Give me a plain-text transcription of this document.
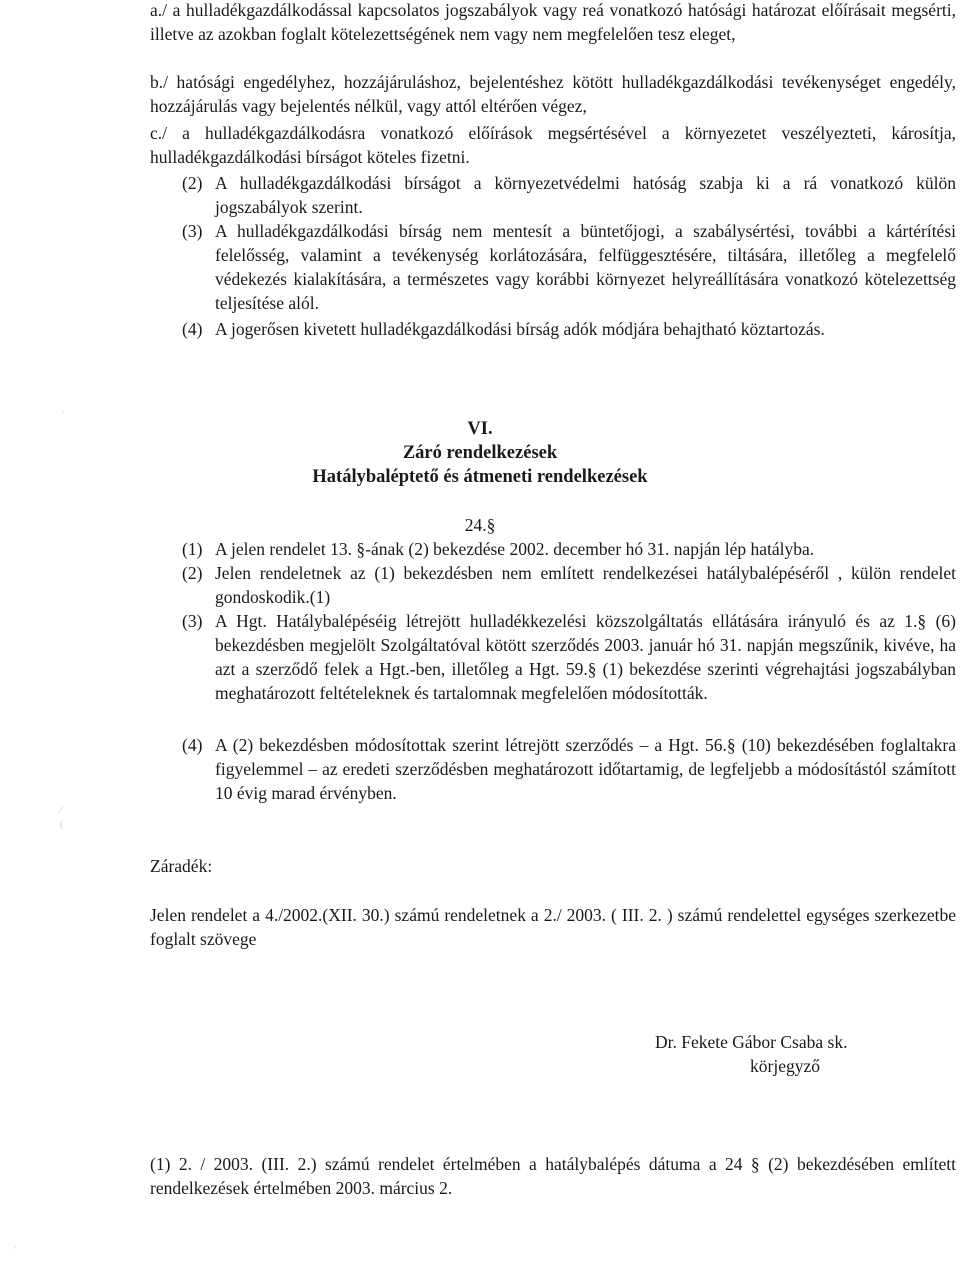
a./ a hulladékgazdálkodással kapcsolatos jogszabályok vagy reá vonatkozó hatósági határozat előírásait megsérti, illetve az azokban foglalt kötelezettségének nem vagy nem megfelelően tesz eleget,
b./ hatósági engedélyhez, hozzájáruláshoz, bejelentéshez kötött hulladékgazdálkodási tevékenységet engedély, hozzájárulás vagy bejelentés nélkül, vagy attól eltérően végez,
c./ a hulladékgazdálkodásra vonatkozó előírások megsértésével a környezetet veszélyezteti, károsítja, hulladékgazdálkodási bírságot köteles fizetni.
(2) A hulladékgazdálkodási bírságot a környezetvédelmi hatóság szabja ki a rá vonatkozó külön jogszabályok szerint.
(3) A hulladékgazdálkodási bírság nem mentesít a büntetőjogi, a szabálysértési, további a kártérítési felelősség, valamint a tevékenység korlátozására, felfüggesztésére, tiltására, illetőleg a megfelelő védekezés kialakítására, a természetes vagy korábbi környezet helyreállítására vonatkozó kötelezettség teljesítése alól.
(4) A jogerősen kivetett hulladékgazdálkodási bírság adók módjára behajtható köztartozás.
VI.
Záró rendelkezések
Hatálybaléptető és átmeneti rendelkezések
24.§
(1) A jelen rendelet 13. §-ának (2) bekezdése 2002. december hó 31. napján lép hatályba.
(2) Jelen rendeletnek az (1) bekezdésben nem említett rendelkezései hatálybalépéséről , külön rendelet gondoskodik.(1)
(3) A Hgt. Hatálybalépéséig létrejött hulladékkezelési közszolgáltatás ellátására irányuló és az 1.§ (6) bekezdésben megjelölt Szolgáltatóval kötött szerződés 2003. január hó 31. napján megszűnik, kivéve, ha azt a szerződő felek a Hgt.-ben, illetőleg a Hgt. 59.§ (1) bekezdése szerinti végrehajtási jogszabályban meghatározott feltételeknek és tartalomnak megfelelően módosították.
(4) A (2) bekezdésben módosítottak szerint létrejött szerződés – a Hgt. 56.§ (10) bekezdésében foglaltakra figyelemmel – az eredeti szerződésben meghatározott időtartamig, de legfeljebb a módosítástól számított 10 évig marad érvényben.
Záradék:
Jelen rendelet a 4./2002.(XII. 30.) számú rendeletnek a 2./ 2003. ( III. 2. ) számú rendelettel egységes szerkezetbe foglalt szövege
Dr. Fekete Gábor Csaba sk.
körjegyző
(1) 2. / 2003. (III. 2.) számú rendelet értelmében a hatálybalépés dátuma a 24 § (2) bekezdésében említett rendelkezések értelmében 2003. március 2.
ˌ
⁄
(
·
